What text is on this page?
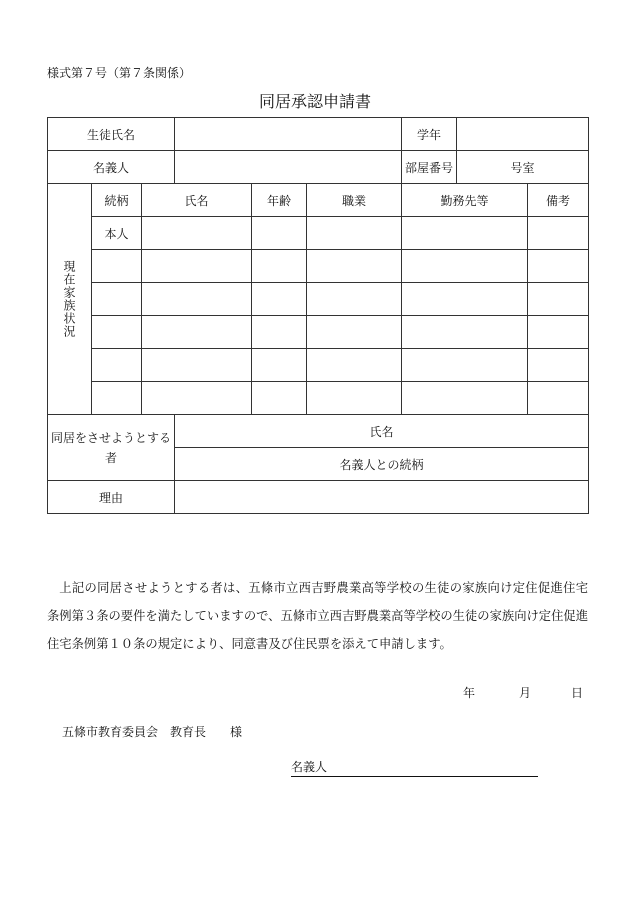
様式第７号（第７条関係）
同居承認申請書
生徒氏名						学年		
名義人						部屋番号	号室	

現在家族状況	続柄	氏名		年齢	職業	勤務先等		備考
	本人							

同居をさせようとする者			氏名					
			名義人との続柄					
理由								
上記の同居させようとする者は、五條市立西吉野農業高等学校の生徒の家族向け定住促進住宅条例第３条の要件を満たしていますので、五條市立西吉野農業高等学校の生徒の家族向け定住促進住宅条例第１０条の規定により、同意書及び住民票を添えて申請します。
年	月	日
五條市教育委員会　教育長　　様
名義人
